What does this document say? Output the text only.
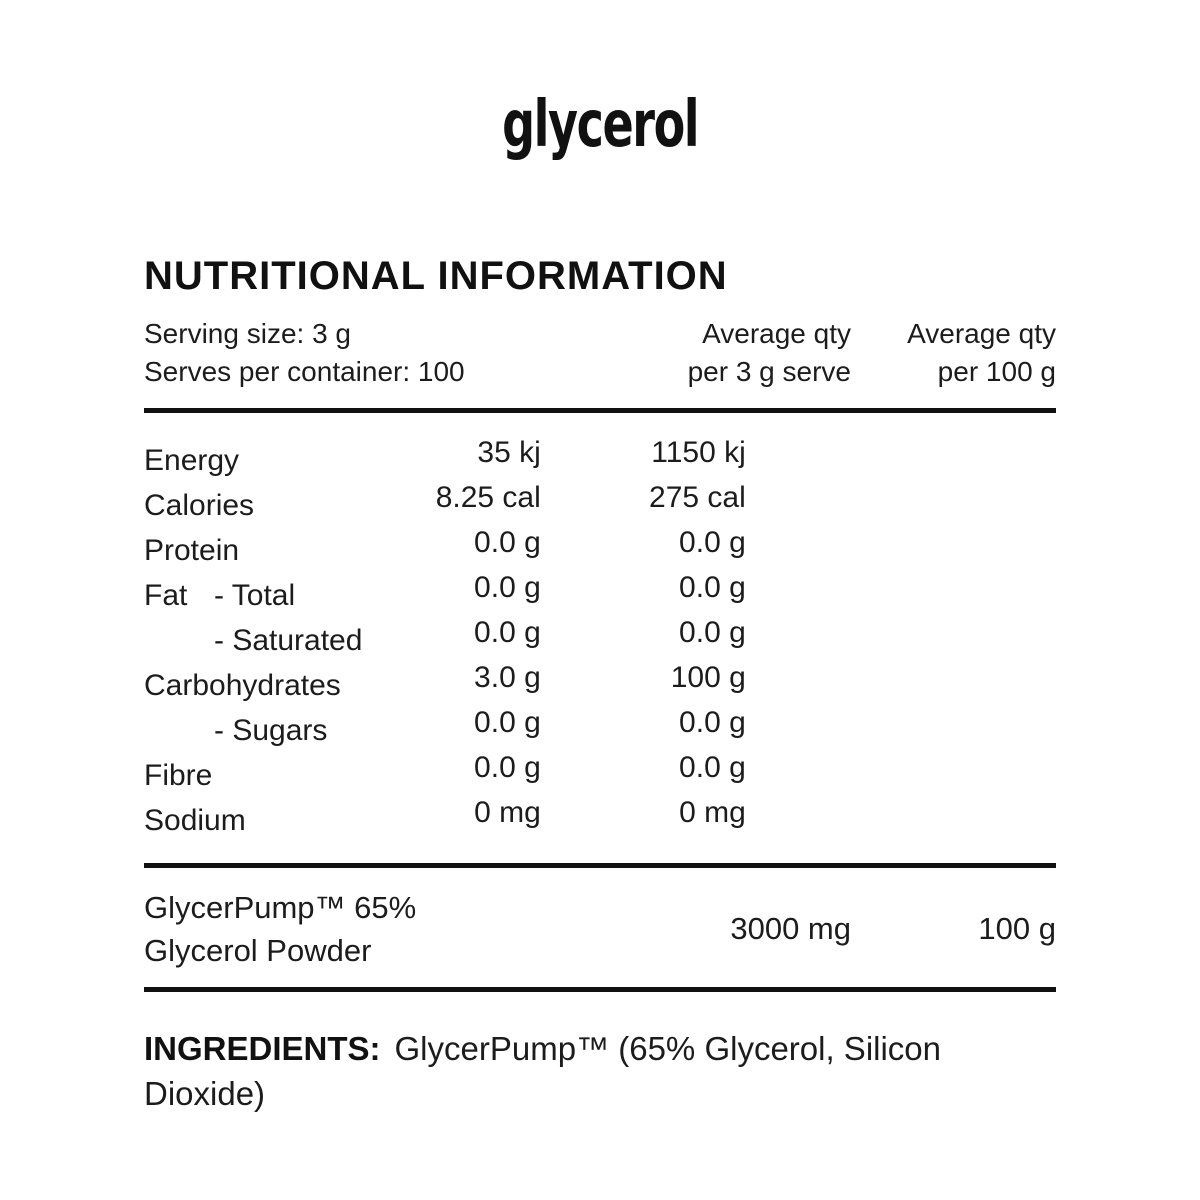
glycerol
NUTRITIONAL INFORMATION
Serving size: 3 g
Serves per container: 100
Average qty
per 3 g serve
Average qty
per 100 g
Energy	35 kj	1150 kj
Calories	8.25 cal	275 cal
Protein	0.0 g	0.0 g
Fat - Total	0.0 g	0.0 g
- Saturated	0.0 g	0.0 g
Carbohydrates	3.0 g	100 g
- Sugars	0.0 g	0.0 g
Fibre	0.0 g	0.0 g
Sodium	0 mg	0 mg
GlycerPump™ 65%
Glycerol Powder
3000 mg	100 g

INGREDIENTS: GlycerPump™ (65% Glycerol, Silicon Dioxide)
